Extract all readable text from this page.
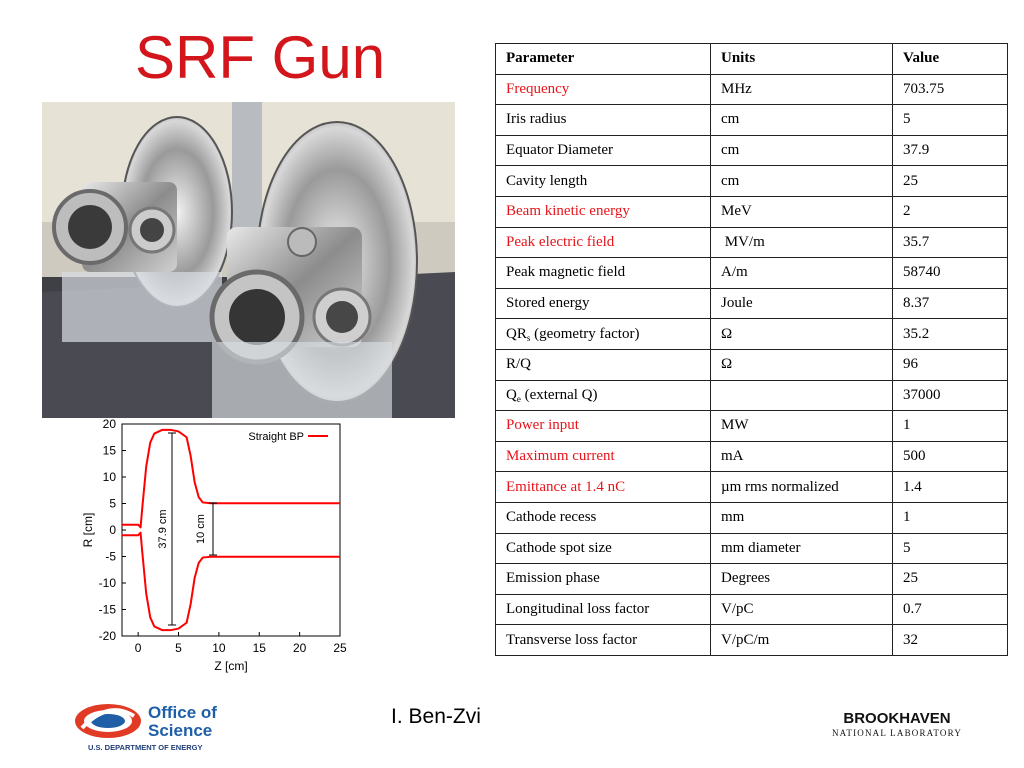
SRF Gun
20
15
10
5
0
-5
-10
-15
-20
0	5	10 15 20 25
R [cm]
Z [cm]
37.9 cm 10 cm
Straight BP
Parameter	Units	Value
Frequency	MHz	703.75
Iris radius	cm	5
Equator Diameter	cm	37.9
Cavity length	cm	25
Beam kinetic energy	MeV	2
Peak electric field	MV/m	35.7
Peak magnetic field	A/m	58740
Stored energy	Joule	8.37
$QR_s$ (geometry factor)	Ω	35.2
R/Q	Ω	96
$Q_e$ (external Q)		37000
Power input	MW	1
Maximum current	mA	500
Emittance at 1.4 nC	µm rms normalized	1.4
Cathode recess	mm	1
Cathode spot size	mm diameter	5
Emission phase	Degrees	25
Longitudinal loss factor	V/pC	0.7
Transverse loss factor	V/pC/m	32
Office of
Science
U.S. DEPARTMENT OF ENERGY
I. Ben-Zvi	BROOKHAVEN
NATIONAL LABORATORY
